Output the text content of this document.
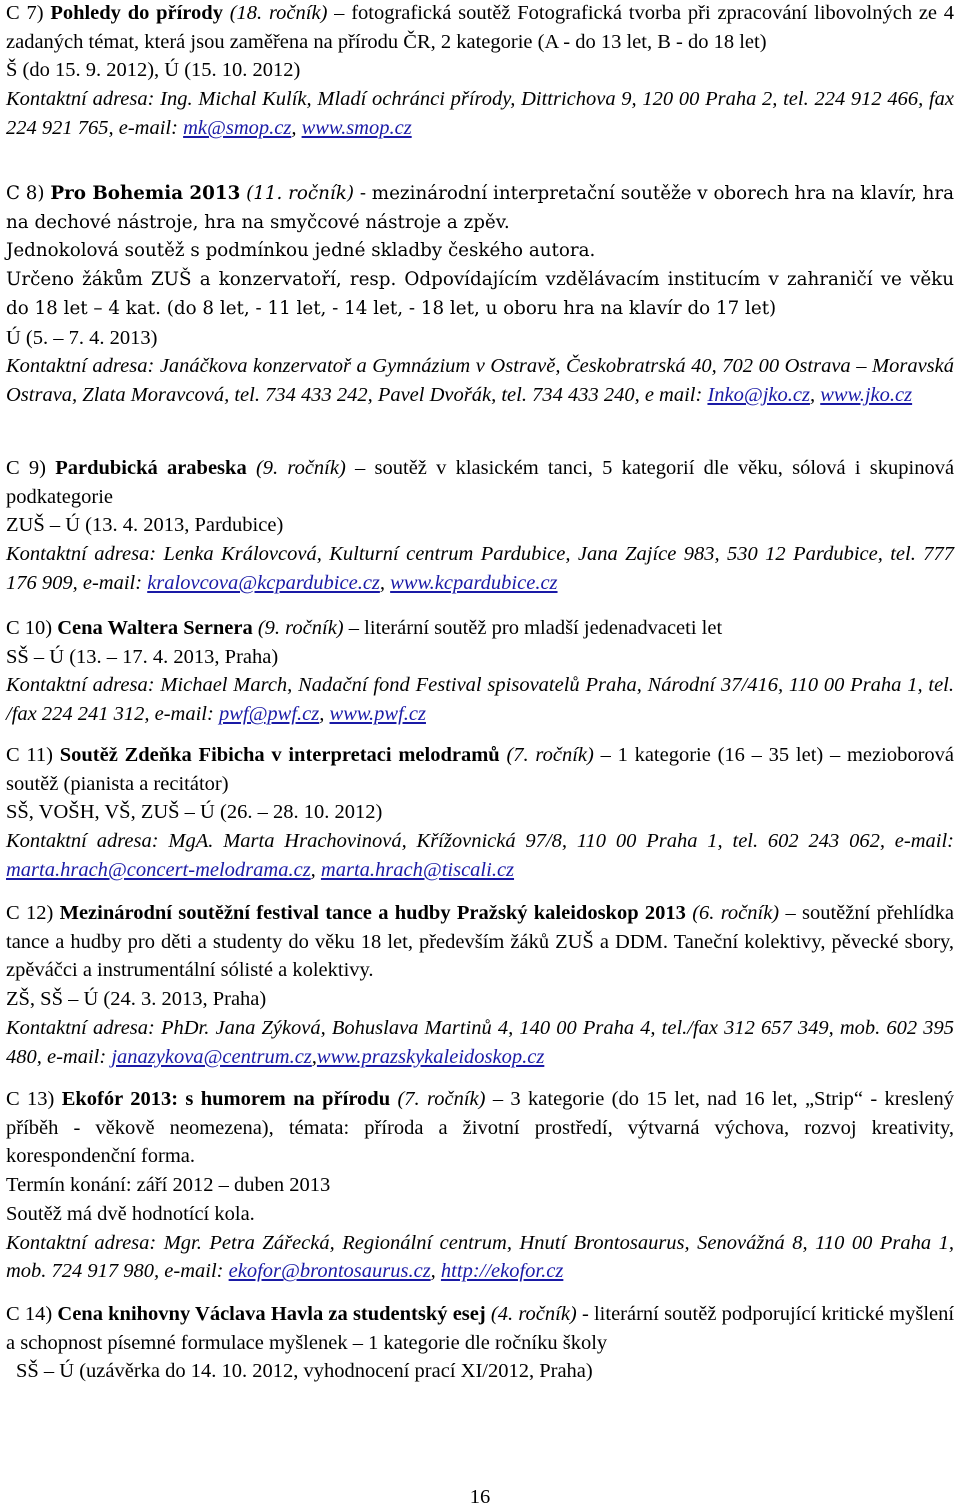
C 7) Pohledy do přírody (18. ročník) – fotografická soutěž Fotografická tvorba při zpracování libovolných ze 4 zadaných témat, která jsou zaměřena na přírodu ČR, 2 kategorie (A - do 13 let, B - do 18 let)

Š (do 15. 9. 2012), Ú (15. 10. 2012)

Kontaktní adresa: Ing. Michal Kulík, Mladí ochránci přírody, Dittrichova 9, 120 00 Praha 2, tel. 224 912 466, fax 224 921 765, e-mail: mk@smop.cz, www.smop.cz

C 8) Pro Bohemia 2013 (11. ročník) - mezinárodní interpretační soutěže v oborech hra na klavír, hra na dechové nástroje, hra na smyčcové nástroje a zpěv.

Jednokolová soutěž s podmínkou jedné skladby českého autora.

Určeno žákům ZUŠ a konzervatoří, resp. Odpovídajícím vzdělávacím institucím v zahraničí ve věku do 18 let – 4 kat. (do 8 let, - 11 let, - 14 let, - 18 let, u oboru hra na klavír do 17 let)

Ú (5. – 7. 4. 2013)

Kontaktní adresa: Janáčkova konzervatoř a Gymnázium v Ostravě, Českobratrská 40, 702 00 Ostrava – Moravská Ostrava, Zlata Moravcová, tel. 734 433 242, Pavel Dvořák, tel. 734 433 240, e mail: Inko@jko.cz, www.jko.cz

C 9) Pardubická arabeska (9. ročník) – soutěž v klasickém tanci, 5 kategorií dle věku, sólová i skupinová podkategorie

ZUŠ – Ú (13. 4. 2013, Pardubice)

Kontaktní adresa: Lenka Královcová, Kulturní centrum Pardubice, Jana Zajíce 983, 530 12 Pardubice, tel. 777 176 909, e-mail: kralovcova@kcpardubice.cz, www.kcpardubice.cz

C 10) Cena Waltera Sernera (9. ročník) – literární soutěž pro mladší jedenadvaceti let

SŠ – Ú (13. – 17. 4. 2013, Praha)

Kontaktní adresa: Michael March, Nadační fond Festival spisovatelů Praha, Národní 37/416, 110 00 Praha 1, tel. /fax 224 241 312, e-mail: pwf@pwf.cz, www.pwf.cz

C 11) Soutěž Zdeňka Fibicha v interpretaci melodramů (7. ročník) – 1 kategorie (16 – 35 let) – mezioborová soutěž (pianista a recitátor)

SŠ, VOŠH, VŠ, ZUŠ – Ú (26. – 28. 10. 2012)

Kontaktní adresa: MgA. Marta Hrachovinová, Křížovnická 97/8, 110 00 Praha 1, tel. 602 243 062, e-mail: marta.hrach@concert-melodrama.cz, marta.hrach@tiscali.cz

C 12) Mezinárodní soutěžní festival tance a hudby Pražský kaleidoskop 2013 (6. ročník) – soutěžní přehlídka tance a hudby pro děti a studenty do věku 18 let, především žáků ZUŠ a DDM. Taneční kolektivy, pěvecké sbory, zpěváčci a instrumentální sólisté a kolektivy.

ZŠ, SŠ – Ú (24. 3. 2013, Praha)

Kontaktní adresa: PhDr. Jana Zýková, Bohuslava Martinů 4, 140 00 Praha 4, tel./fax 312 657 349, mob. 602 395 480, e-mail: janazykova@centrum.cz,www.prazskykaleidoskop.cz

C 13) Ekofór 2013: s humorem na přírodu (7. ročník) – 3 kategorie (do 15 let, nad 16 let, „Strip“ - kreslený příběh - věkově neomezena), témata: příroda a životní prostředí, výtvarná výchova, rozvoj kreativity, korespondenční forma.

Termín konání: září 2012 – duben 2013

Soutěž má dvě hodnotící kola.

Kontaktní adresa: Mgr. Petra Zářecká, Regionální centrum, Hnutí Brontosaurus, Senovážná 8, 110 00 Praha 1, mob. 724 917 980, e-mail: ekofor@brontosaurus.cz, http://ekofor.cz

C 14) Cena knihovny Václava Havla za studentský esej (4. ročník) - literární soutěž podporující kritické myšlení a schopnost písemné formulace myšlenek – 1 kategorie dle ročníku školy

SŠ – Ú (uzávěrka do 14. 10. 2012, vyhodnocení prací XI/2012, Praha)

16
